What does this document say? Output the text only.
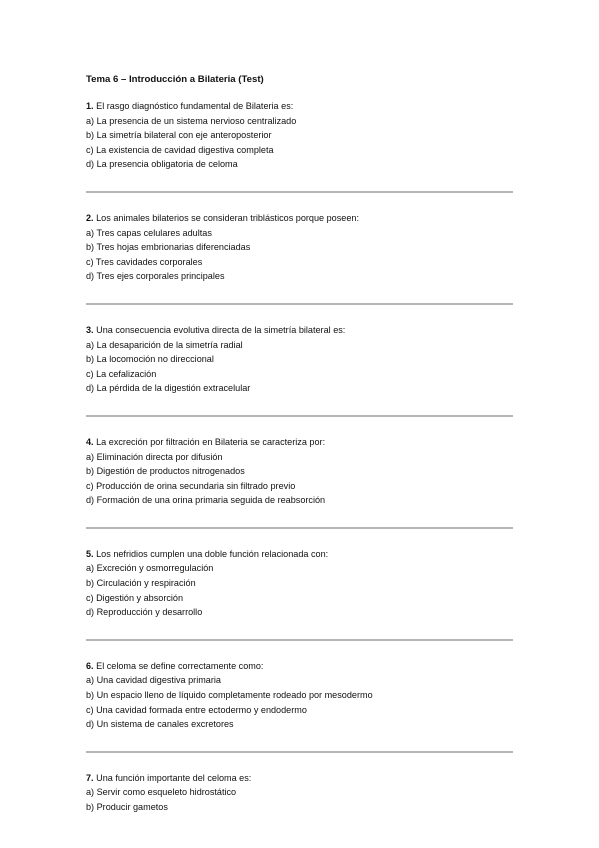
Tema 6 – Introducción a Bilateria (Test)
1. El rasgo diagnóstico fundamental de Bilateria es:
a) La presencia de un sistema nervioso centralizado
b) La simetría bilateral con eje anteroposterior
c) La existencia de cavidad digestiva completa
d) La presencia obligatoria de celoma
2. Los animales bilaterios se consideran triblásticos porque poseen:
a) Tres capas celulares adultas
b) Tres hojas embrionarias diferenciadas
c) Tres cavidades corporales
d) Tres ejes corporales principales
3. Una consecuencia evolutiva directa de la simetría bilateral es:
a) La desaparición de la simetría radial
b) La locomoción no direccional
c) La cefalización
d) La pérdida de la digestión extracelular
4. La excreción por filtración en Bilateria se caracteriza por:
a) Eliminación directa por difusión
b) Digestión de productos nitrogenados
c) Producción de orina secundaria sin filtrado previo
d) Formación de una orina primaria seguida de reabsorción
5. Los nefridios cumplen una doble función relacionada con:
a) Excreción y osmorregulación
b) Circulación y respiración
c) Digestión y absorción
d) Reproducción y desarrollo
6. El celoma se define correctamente como:
a) Una cavidad digestiva primaria
b) Un espacio lleno de líquido completamente rodeado por mesodermo
c) Una cavidad formada entre ectodermo y endodermo
d) Un sistema de canales excretores
7. Una función importante del celoma es:
a) Servir como esqueleto hidrostático
b) Producir gametos
